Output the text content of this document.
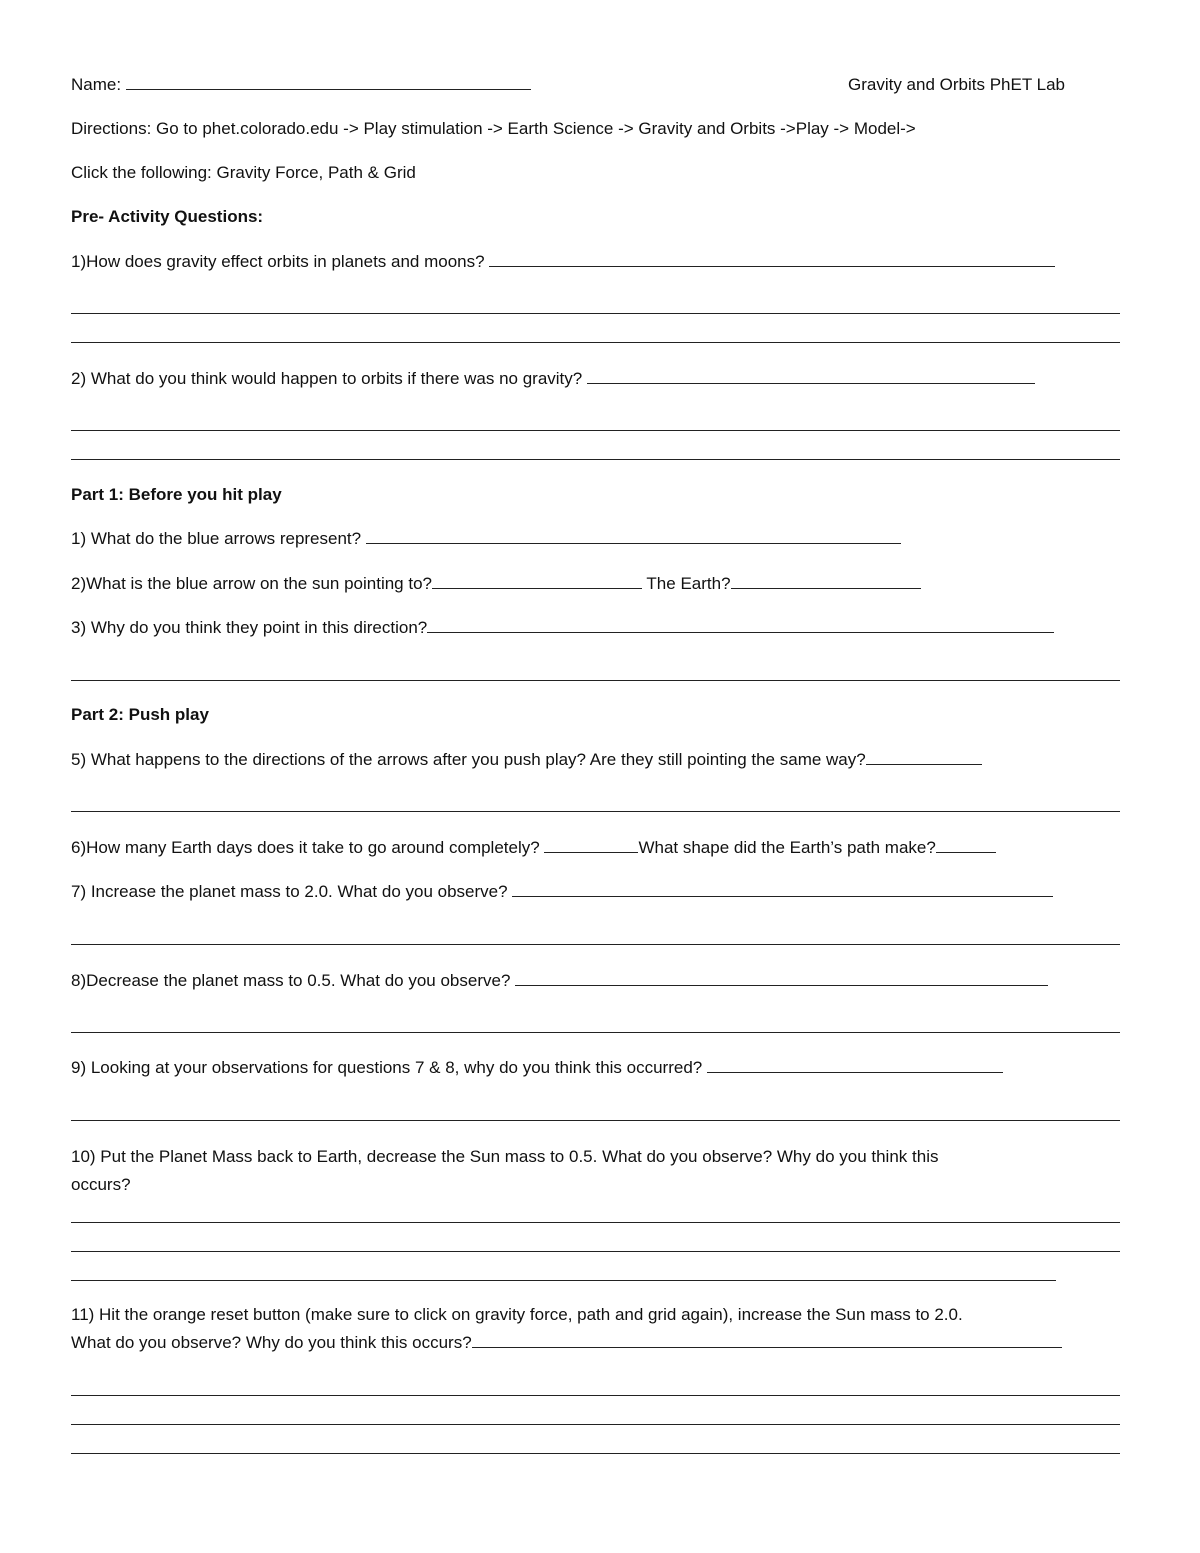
Name:	Gravity and Orbits PhET Lab
Directions: Go to phet.colorado.edu -> Play stimulation -> Earth Science -> Gravity and Orbits ->Play -> Model->
Click the following: Gravity Force, Path & Grid
Pre- Activity Questions:
1)How does gravity effect orbits in planets and moons?
2) What do you think would happen to orbits if there was no gravity?
Part 1: Before you hit play
1) What do the blue arrows represent?
2)What is the blue arrow on the sun pointing to?	The Earth?
3) Why do you think they point in this direction?
Part 2: Push play
5) What happens to the directions of the arrows after you push play? Are they still pointing the same way?
6)How many Earth days does it take to go around completely?	What shape did the Earth’s path make?
7) Increase the planet mass to 2.0. What do you observe?
8)Decrease the planet mass to 0.5. What do you observe?
9) Looking at your observations for questions 7 & 8, why do you think this occurred?
10) Put the Planet Mass back to Earth, decrease the Sun mass to 0.5. What do you observe? Why do you think this
occurs?
11) Hit the orange reset button (make sure to click on gravity force, path and grid again), increase the Sun mass to 2.0.
What do you observe? Why do you think this occurs?
